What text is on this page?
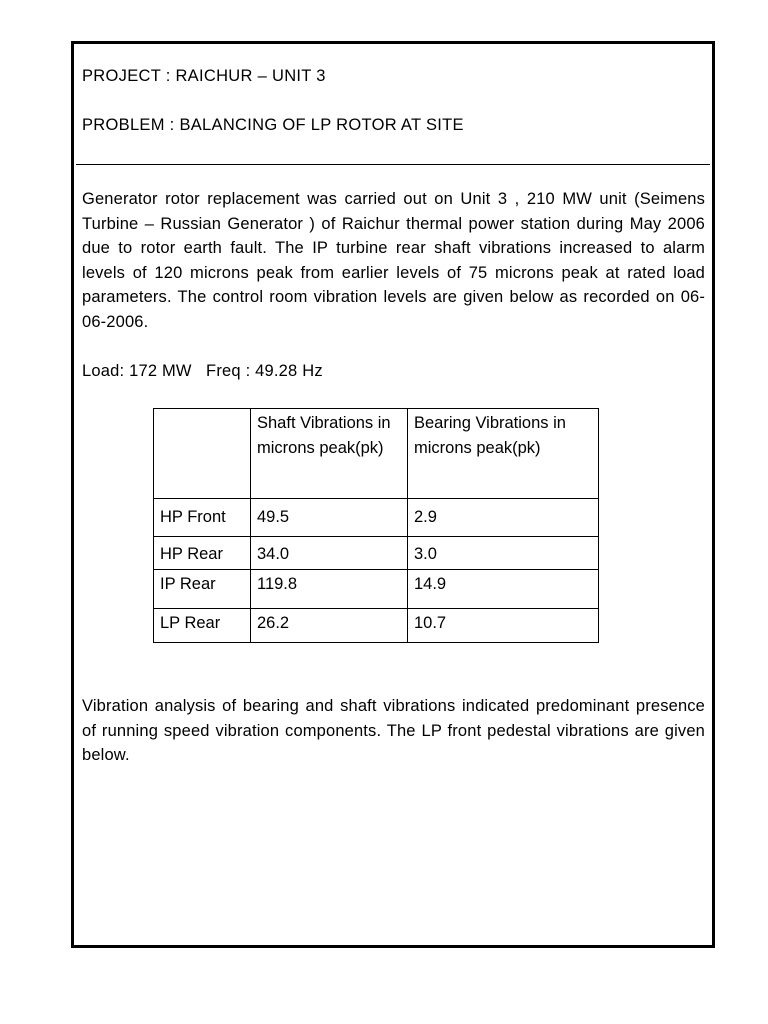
PROJECT : RAICHUR – UNIT 3
PROBLEM : BALANCING OF LP ROTOR AT SITE

Generator rotor replacement was carried out on Unit 3 , 210 MW unit (Seimens Turbine – Russian Generator ) of Raichur thermal power station during May 2006 due to rotor earth fault. The IP turbine rear shaft vibrations increased to alarm levels of 120 microns peak from earlier levels of 75 microns peak at rated load parameters. The control room vibration levels are given below as recorded on 06-06-2006.

Load: 172 MW   Freq : 49.28 Hz
	Shaft Vibrations in microns peak(pk)	Bearing Vibrations in microns peak(pk)
HP Front	49.5	2.9
HP Rear	34.0	3.0
IP Rear	119.8	14.9
LP Rear	26.2	10.7

Vibration analysis of bearing and shaft vibrations indicated predominant presence of running speed vibration components. The LP front pedestal vibrations are given below.
